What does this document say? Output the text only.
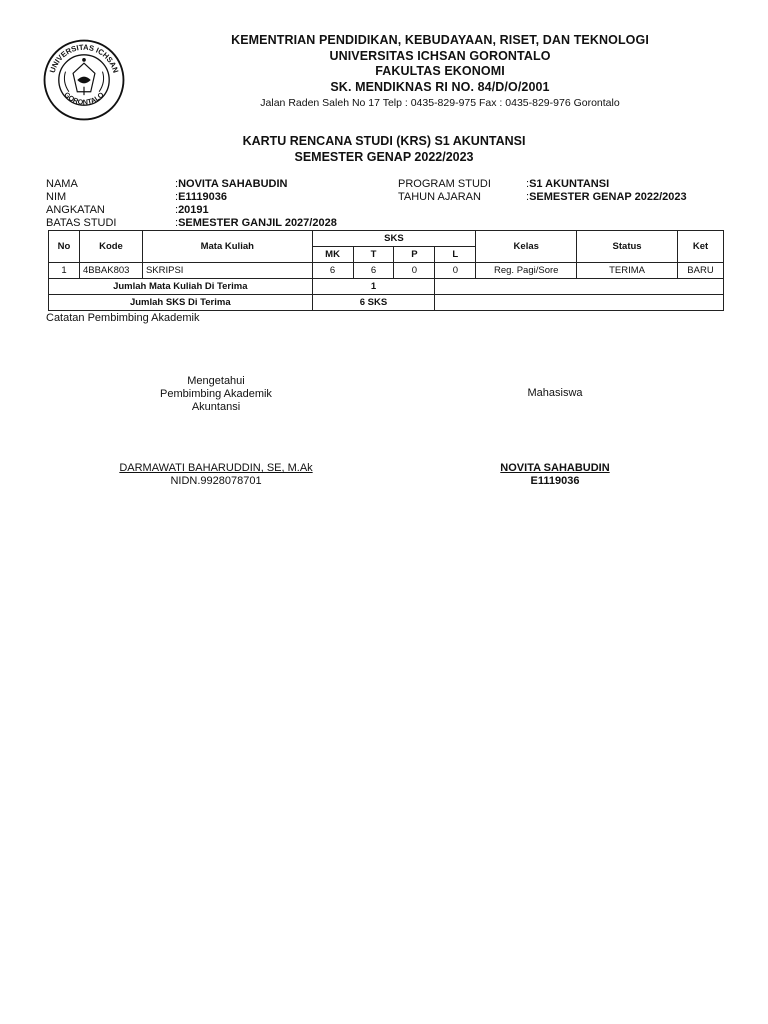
UNIVERSITAS ICHSAN
GORONTALO
KEMENTRIAN PENDIDIKAN, KEBUDAYAAN, RISET, DAN TEKNOLOGI
UNIVERSITAS ICHSAN GORONTALO
FAKULTAS EKONOMI
SK. MENDIKNAS RI NO. 84/D/O/2001
Jalan Raden Saleh No 17 Telp : 0435-829-975 Fax : 0435-829-976 Gorontalo
KARTU RENCANA STUDI (KRS) S1 AKUNTANSI
SEMESTER GENAP 2022/2023
NAMA	: NOVITA SAHABUDIN
NIM	: E1119036
ANGKATAN	: 20191
BATAS STUDI	: SEMESTER GANJIL 2027/2028
PROGRAM STUDI	: S1 AKUNTANSI
TAHUN AJARAN	: SEMESTER GENAP 2022/2023
No	Kode	Mata Kuliah	SKS				Kelas	Status	Ket
			MK	T	P	L			
1	4BBAK803	SKRIPSI	6	6	0	0	Reg. Pagi/Sore	TERIMA	BARU
Jumlah Mata Kuliah Di Terima			1						
Jumlah SKS Di Terima			6 SKS						
Catatan Pembimbing Akademik
Mengetahui
Pembimbing Akademik
Akuntansi
Mahasiswa
DARMAWATI BAHARUDDIN, SE, M.Ak
NIDN.9928078701
NOVITA SAHABUDIN
E1119036
